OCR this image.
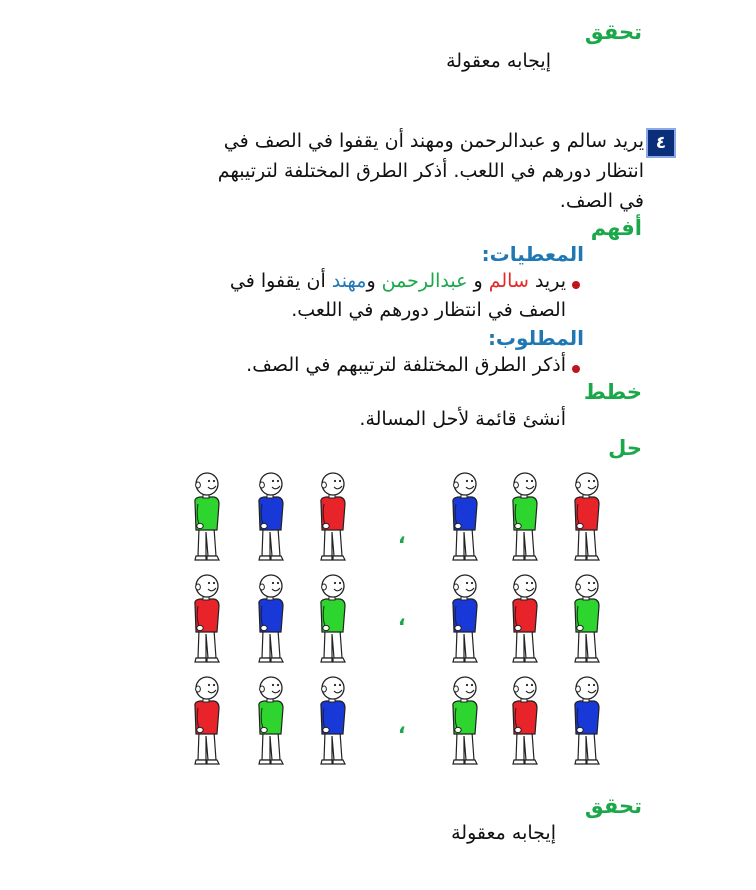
تحقق
إيجابه معقولة
٤
يريد سالم و عبدالرحمن ومهند أن يقفوا في الصف في
انتظار دورهم في اللعب. أذكر الطرق المختلفة لترتيبهم
في الصف.
أفهم
المعطيات:
يريد سالم و عبدالرحمن ومهند أن يقفوا في
الصف في انتظار دورهم في اللعب.
المطلوب:
أذكر الطرق المختلفة لترتيبهم في الصف.
خطط
أنشئ قائمة لأحل المسالة.
حل
،
،
،
تحقق
إيجابه معقولة
